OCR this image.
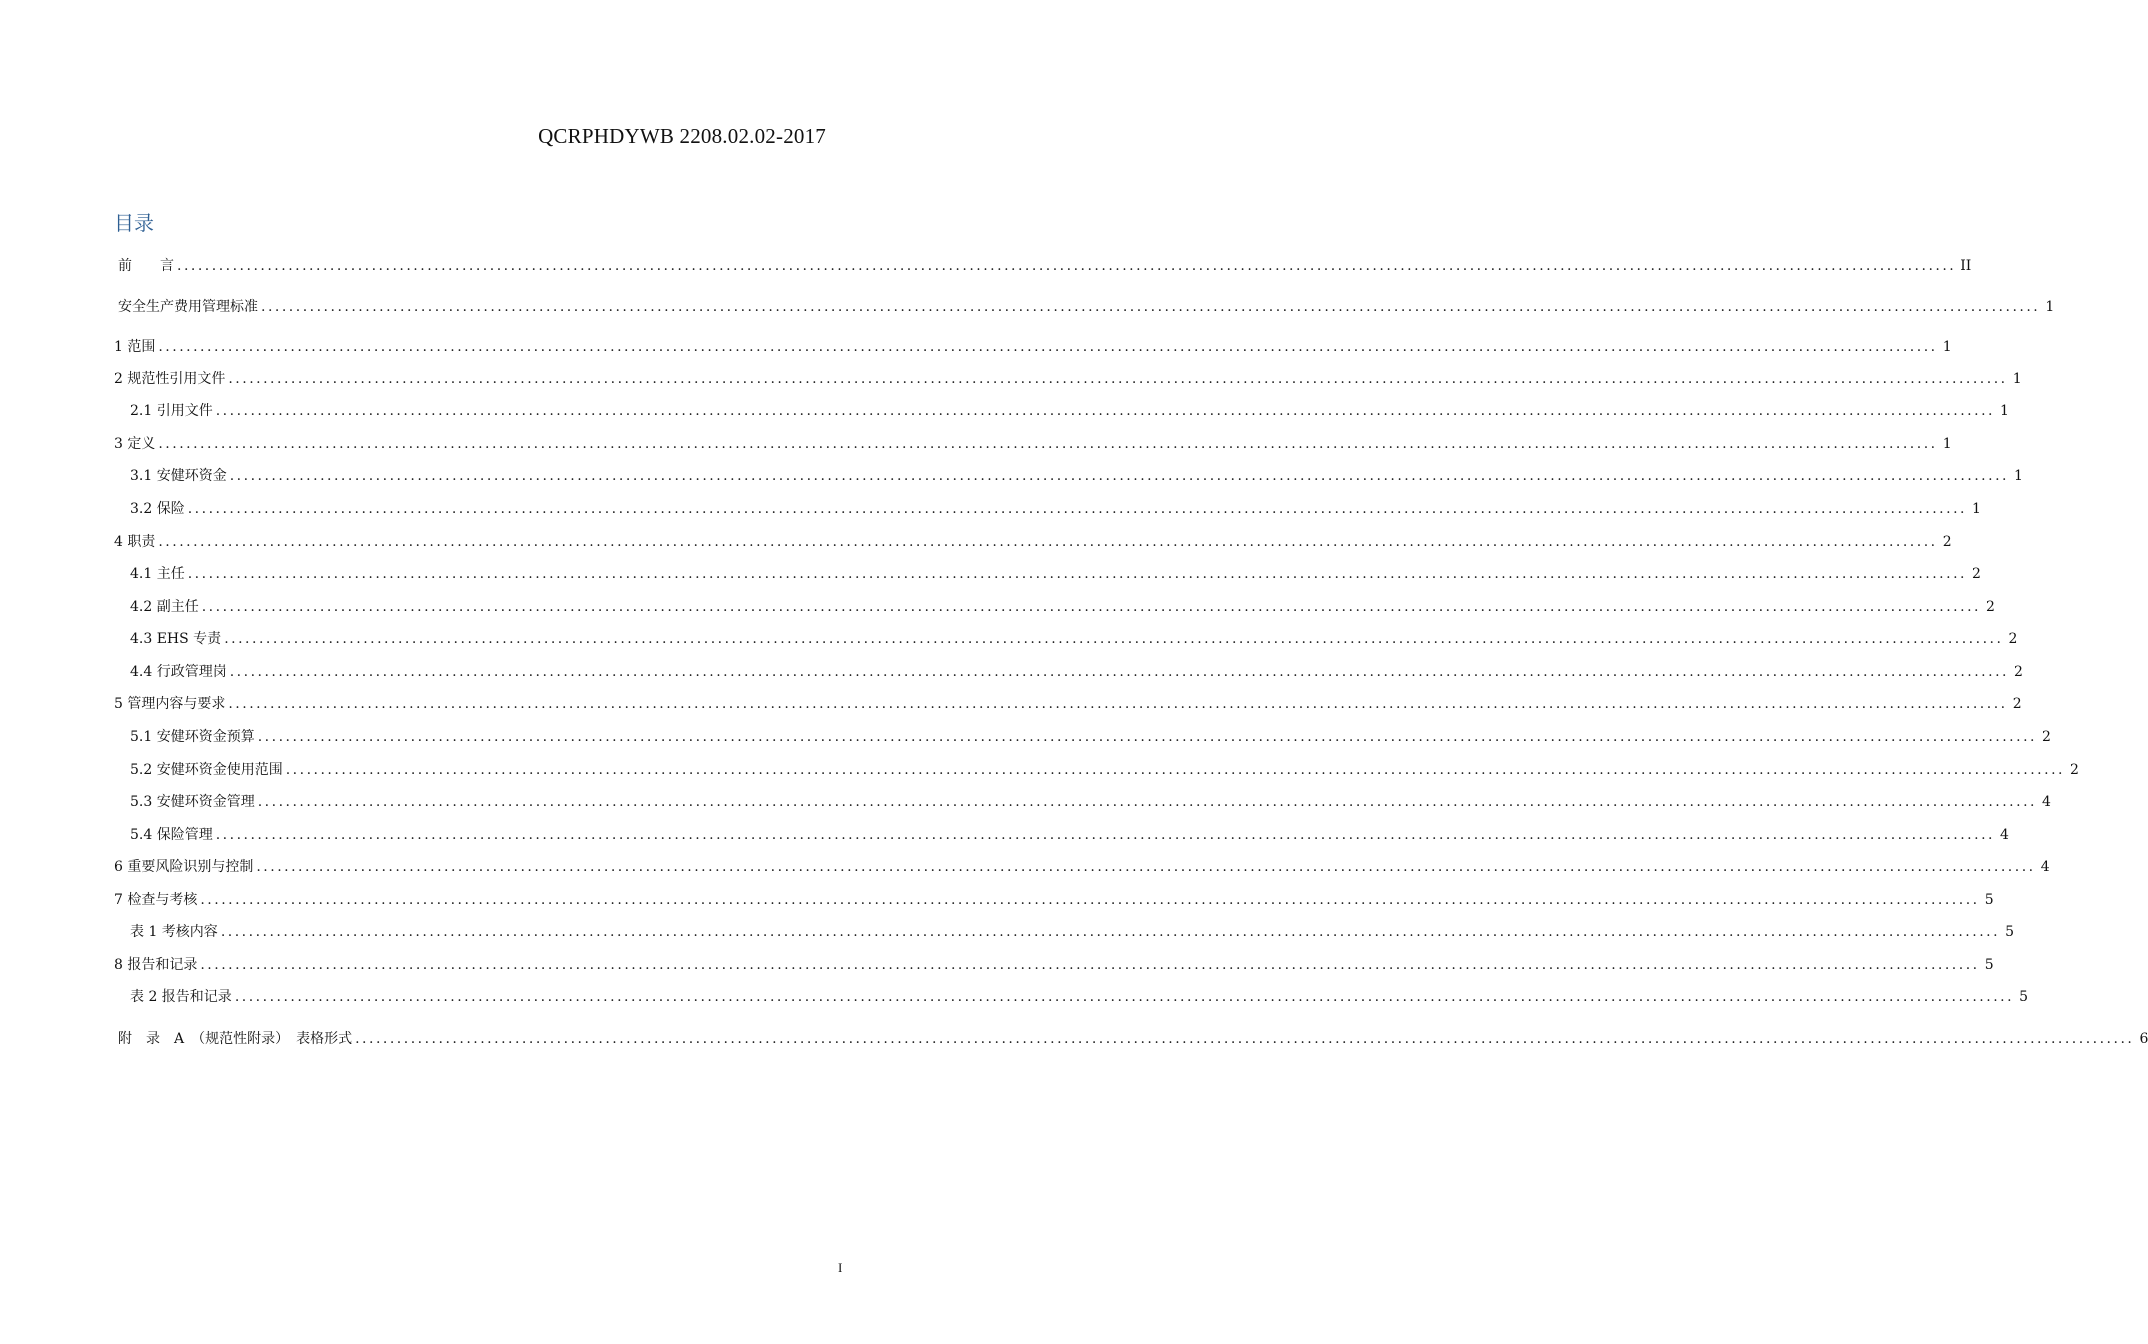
QCRPHDYWB 2208.02.02-2017
目录
前　　言 ................................................................................................................................................................................................................................................................ II
安全生产费用管理标准 ................................................................................................................................................................................................................................................................ 1
1 范围 ................................................................................................................................................................................................................................................................ 1
2 规范性引用文件 ................................................................................................................................................................................................................................................................ 1
2.1 引用文件 ................................................................................................................................................................................................................................................................ 1
3 定义 ................................................................................................................................................................................................................................................................ 1
3.1 安健环资金 ................................................................................................................................................................................................................................................................ 1
3.2 保险 ................................................................................................................................................................................................................................................................ 1
4 职责 ................................................................................................................................................................................................................................................................ 2
4.1 主任 ................................................................................................................................................................................................................................................................ 2
4.2 副主任 ................................................................................................................................................................................................................................................................ 2
4.3 EHS 专责 ................................................................................................................................................................................................................................................................ 2
4.4 行政管理岗 ................................................................................................................................................................................................................................................................ 2
5 管理内容与要求 ................................................................................................................................................................................................................................................................ 2
5.1 安健环资金预算 ................................................................................................................................................................................................................................................................ 2
5.2 安健环资金使用范围 ................................................................................................................................................................................................................................................................ 2
5.3 安健环资金管理 ................................................................................................................................................................................................................................................................ 4
5.4 保险管理 ................................................................................................................................................................................................................................................................ 4
6 重要风险识别与控制 ................................................................................................................................................................................................................................................................ 4
7 检查与考核 ................................................................................................................................................................................................................................................................ 5
表 1 考核内容 ................................................................................................................................................................................................................................................................ 5
8 报告和记录 ................................................................................................................................................................................................................................................................ 5
表 2 报告和记录 ................................................................................................................................................................................................................................................................ 5
附　录　A　（规范性附录）　表格形式 ................................................................................................................................................................................................................................................................ 6
I
